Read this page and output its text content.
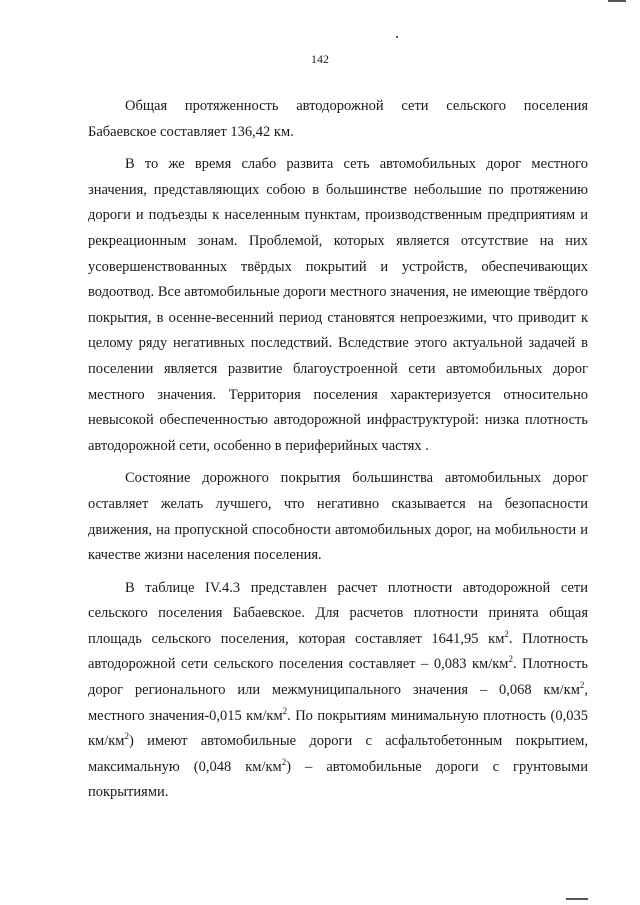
142

Общая протяженность автодорожной сети сельского поселения Бабаевское составляет 136,42 км.

В то же время слабо развита сеть автомобильных дорог местного значения, представляющих собою в большинстве небольшие по протяжению дороги и подъезды к населенным пунктам, производственным предприятиям и рекреационным зонам. Проблемой, которых является отсутствие на них усовершенствованных твёрдых покрытий и устройств, обеспечивающих водоотвод. Все автомобильные дороги местного значения, не имеющие твёрдого покрытия, в осенне-весенний период становятся непроезжими, что приводит к целому ряду негативных последствий. Вследствие этого актуальной задачей в поселении является развитие благоустроенной сети автомобильных дорог местного значения. Территория поселения характеризуется относительно невысокой обеспеченностью автодорожной инфраструктурой: низка плотность автодорожной сети, особенно в периферийных частях .

Состояние дорожного покрытия большинства автомобильных дорог оставляет желать лучшего, что негативно сказывается на безопасности движения, на пропускной способности автомобильных дорог, на мобильности и качестве жизни населения поселения.

В таблице IV.4.3 представлен расчет плотности автодорожной сети сельского поселения Бабаевское. Для расчетов плотности принята общая площадь сельского поселения, которая составляет 1641,95 $км^2$. Плотность автодорожной сети сельского поселения составляет – 0,083 $км/км^2$. Плотность дорог регионального или межмуниципального значения – 0,068 $км/км^2$, местного значения-0,015 $км/км^2$. По покрытиям минимальную плотность (0,035 $км/км^2$) имеют автомобильные дороги с асфальтобетонным покрытием, максимальную (0,048 $км/км^2$) – автомобильные дороги с грунтовыми покрытиями.
